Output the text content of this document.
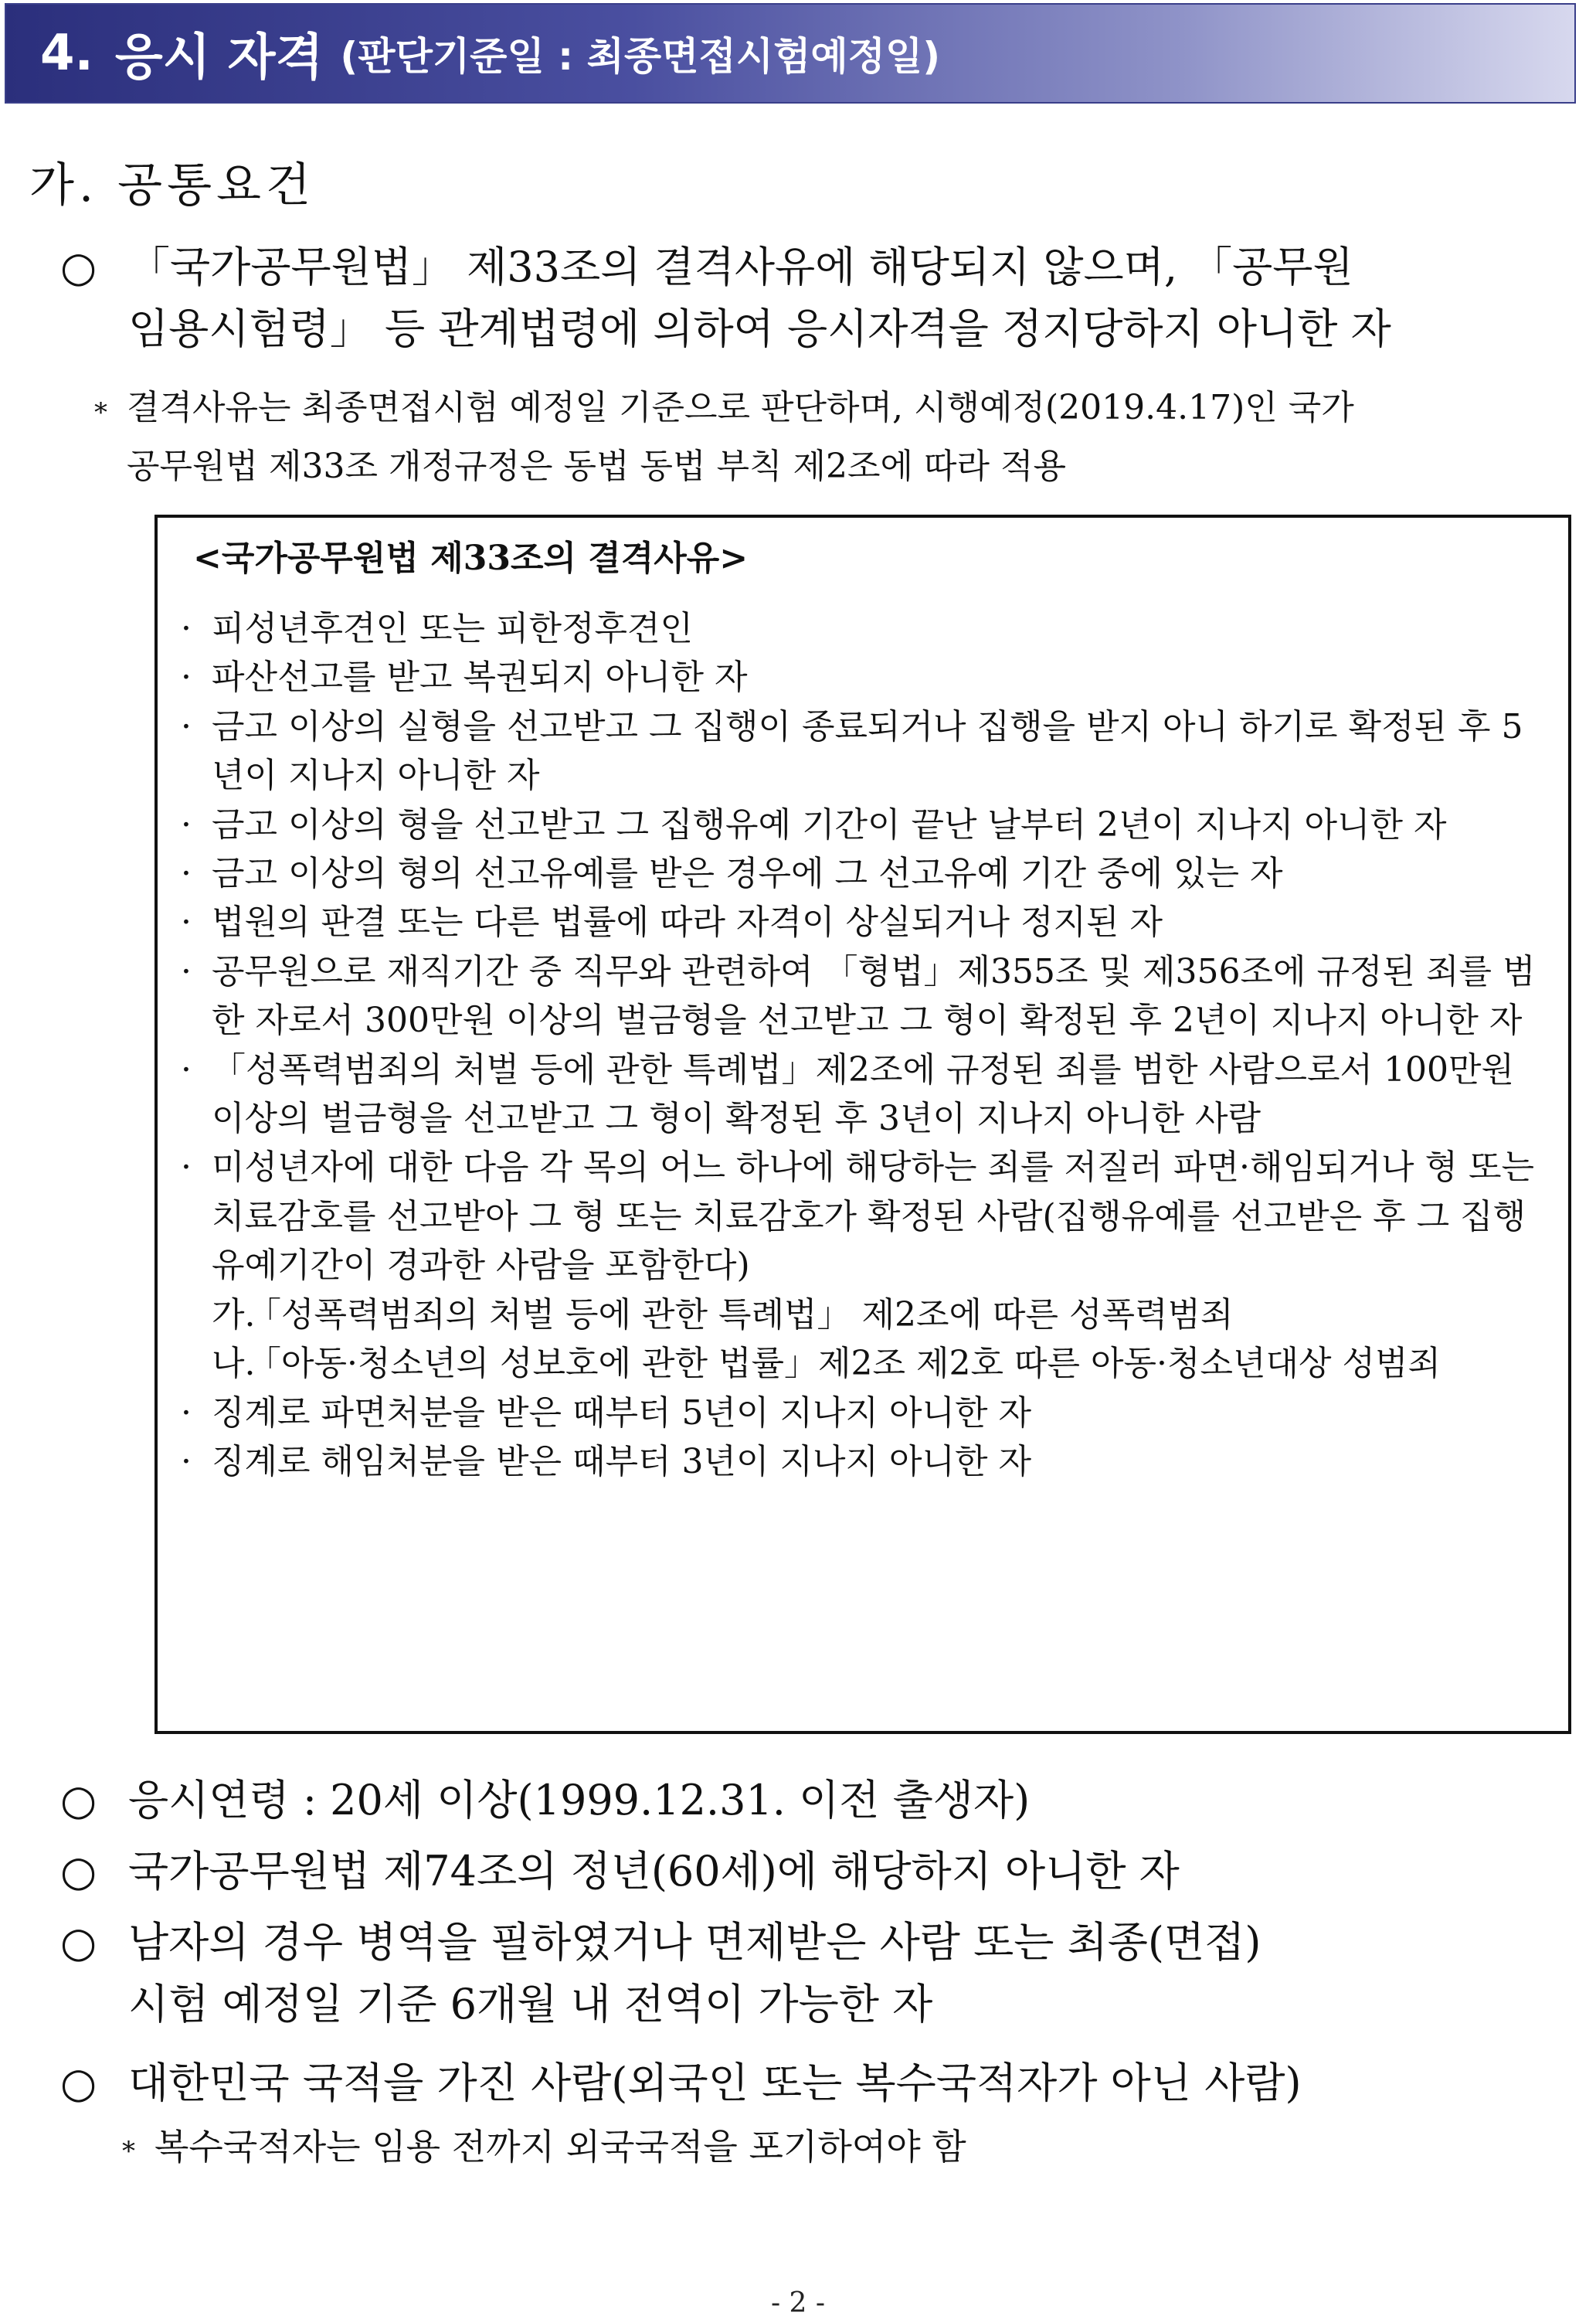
4. 응시 자격 (판단기준일 : 최종면접시험예정일)
가. 공통요건
○ 「국가공무원법」 제33조의 결격사유에 해당되지 않으며, 「공무원
임용시험령」 등 관계법령에 의하여 응시자격을 정지당하지 아니한 자
* 결격사유는 최종면접시험 예정일 기준으로 판단하며, 시행예정(2019.4.17)인 국가
공무원법 제33조 개정규정은 동법 동법 부칙 제2조에 따라 적용
<국가공무원법 제33조의 결격사유>
· 피성년후견인 또는 피한정후견인
· 파산선고를 받고 복권되지 아니한 자
· 금고 이상의 실형을 선고받고 그 집행이 종료되거나 집행을 받지 아니 하기로 확정된 후 5년이 지나지 아니한 자
· 금고 이상의 형을 선고받고 그 집행유예 기간이 끝난 날부터 2년이 지나지 아니한 자
· 금고 이상의 형의 선고유예를 받은 경우에 그 선고유예 기간 중에 있는 자
· 법원의 판결 또는 다른 법률에 따라 자격이 상실되거나 정지된 자
· 공무원으로 재직기간 중 직무와 관련하여 「형법」제355조 및 제356조에 규정된 죄를 범한 자로서 300만원 이상의 벌금형을 선고받고 그 형이 확정된 후 2년이 지나지 아니한 자
· 「성폭력범죄의 처벌 등에 관한 특례법」제2조에 규정된 죄를 범한 사람으로서 100만원 이상의 벌금형을 선고받고 그 형이 확정된 후 3년이 지나지 아니한 사람
· 미성년자에 대한 다음 각 목의 어느 하나에 해당하는 죄를 저질러 파면·해임되거나 형 또는 치료감호를 선고받아 그 형 또는 치료감호가 확정된 사람(집행유예를 선고받은 후 그 집행유예기간이 경과한 사람을 포함한다)
가.
「성폭력범죄의 처벌 등에 관한 특례법」 제2조에 따른 성폭력범죄
나.
「아동·청소년의 성보호에 관한 법률」제2조 제2호 따른 아동·청소년대상 성범죄
· 징계로 파면처분을 받은 때부터 5년이 지나지 아니한 자
· 징계로 해임처분을 받은 때부터 3년이 지나지 아니한 자
○ 응시연령 : 20세 이상(1999.12.31. 이전 출생자)
○ 국가공무원법 제74조의 정년(60세)에 해당하지 아니한 자
○ 남자의 경우 병역을 필하였거나 면제받은 사람 또는 최종(면접)
시험 예정일 기준 6개월 내 전역이 가능한 자
○ 대한민국 국적을 가진 사람(외국인 또는 복수국적자가 아닌 사람)
* 복수국적자는 임용 전까지 외국국적을 포기하여야 함
- 2 -
